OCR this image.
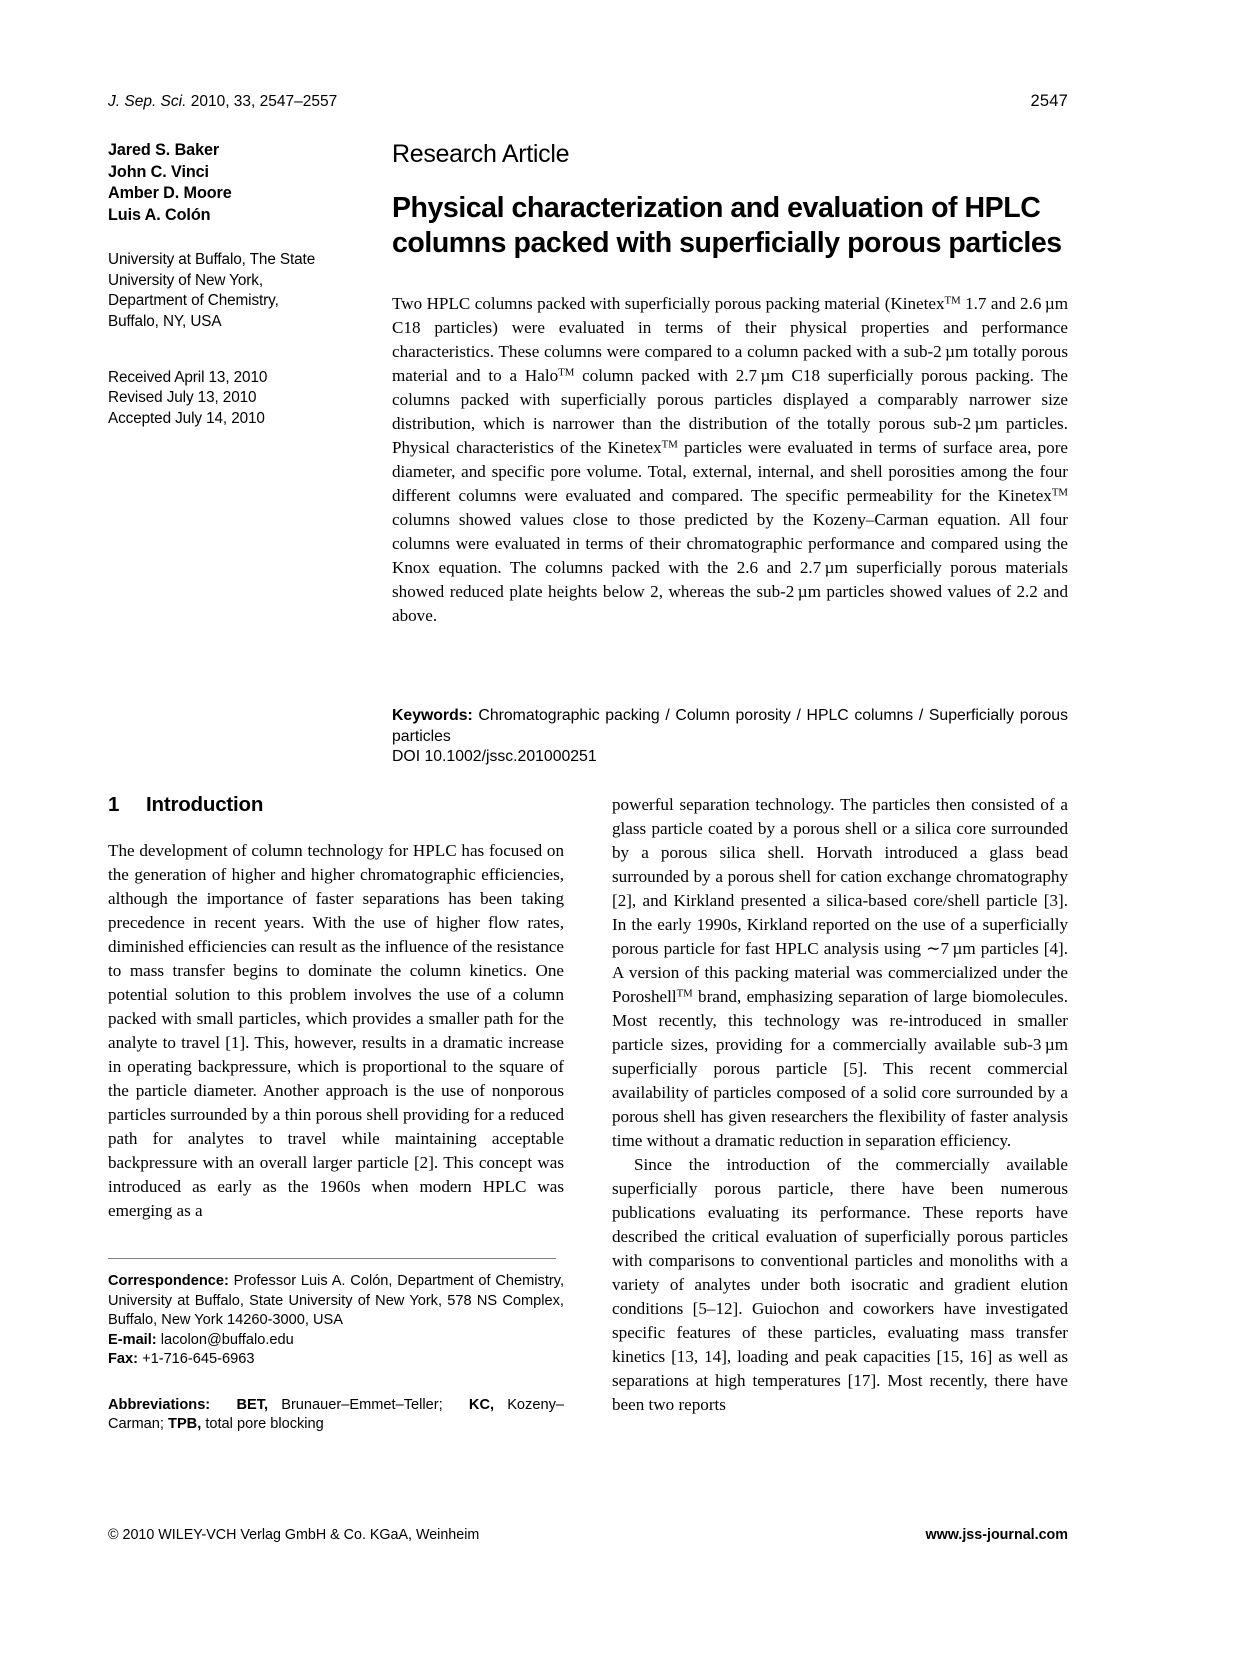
J. Sep. Sci. 2010, 33, 2547–2557	2547
Jared S. Baker
John C. Vinci
Amber D. Moore
Luis A. Colón
University at Buffalo, The State
University of New York,
Department of Chemistry,
Buffalo, NY, USA
Received April 13, 2010
Revised July 13, 2010
Accepted July 14, 2010
Research Article
Physical characterization and evaluation of HPLC columns packed with superficially porous particles

Two HPLC columns packed with superficially porous packing material (Kinetex™ 1.7 and 2.6 µm C18 particles) were evaluated in terms of their physical properties and performance characteristics. These columns were compared to a column packed with a sub-2 µm totally porous material and to a Halo™ column packed with 2.7 µm C18 superficially porous packing. The columns packed with superficially porous particles displayed a comparably narrower size distribution, which is narrower than the distribution of the totally porous sub-2 µm particles. Physical characteristics of the Kinetex™ particles were evaluated in terms of surface area, pore diameter, and specific pore volume. Total, external, internal, and shell porosities among the four different columns were evaluated and compared. The specific permeability for the Kinetex™ columns showed values close to those predicted by the Kozeny–Carman equation. All four columns were evaluated in terms of their chromatographic performance and compared using the Knox equation. The columns packed with the 2.6 and 2.7 µm superficially porous materials showed reduced plate heights below 2, whereas the sub-2 µm particles showed values of 2.2 and above.

Keywords: Chromatographic packing / Column porosity / HPLC columns / Superficially porous particles
DOI 10.1002/jssc.201000251
1 Introduction

The development of column technology for HPLC has focused on the generation of higher and higher chromatographic efficiencies, although the importance of faster separations has been taking precedence in recent years. With the use of higher flow rates, diminished efficiencies can result as the influence of the resistance to mass transfer begins to dominate the column kinetics. One potential solution to this problem involves the use of a column packed with small particles, which provides a smaller path for the analyte to travel [1]. This, however, results in a dramatic increase in operating backpressure, which is proportional to the square of the particle diameter. Another approach is the use of nonporous particles surrounded by a thin porous shell providing for a reduced path for analytes to travel while maintaining acceptable backpressure with an overall larger particle [2]. This concept was introduced as early as the 1960s when modern HPLC was emerging as a

powerful separation technology. The particles then consisted of a glass particle coated by a porous shell or a silica core surrounded by a porous silica shell. Horvath introduced a glass bead surrounded by a porous shell for cation exchange chromatography [2], and Kirkland presented a silica-based core/shell particle [3]. In the early 1990s, Kirkland reported on the use of a superficially porous particle for fast HPLC analysis using ∼7 µm particles [4]. A version of this packing material was commercialized under the Poroshell™ brand, emphasizing separation of large biomolecules. Most recently, this technology was re-introduced in smaller particle sizes, providing for a commercially available sub-3 µm superficially porous particle [5]. This recent commercial availability of particles composed of a solid core surrounded by a porous shell has given researchers the flexibility of faster analysis time without a dramatic reduction in separation efficiency.

Since the introduction of the commercially available superficially porous particle, there have been numerous publications evaluating its performance. These reports have described the critical evaluation of superficially porous particles with comparisons to conventional particles and monoliths with a variety of analytes under both isocratic and gradient elution conditions [5–12]. Guiochon and coworkers have investigated specific features of these particles, evaluating mass transfer kinetics [13, 14], loading and peak capacities [15, 16] as well as separations at high temperatures [17]. Most recently, there have been two reports

Correspondence: Professor Luis A. Colón, Department of Chemistry, University at Buffalo, State University of New York, 578 NS Complex, Buffalo, New York 14260-3000, USA
E-mail: lacolon@buffalo.edu
Fax: +1-716-645-6963
Abbreviations: BET, Brunauer–Emmet–Teller; KC, Kozeny–Carman; TPB, total pore blocking
© 2010 WILEY-VCH Verlag GmbH & Co. KGaA, Weinheim	www.jss-journal.com
